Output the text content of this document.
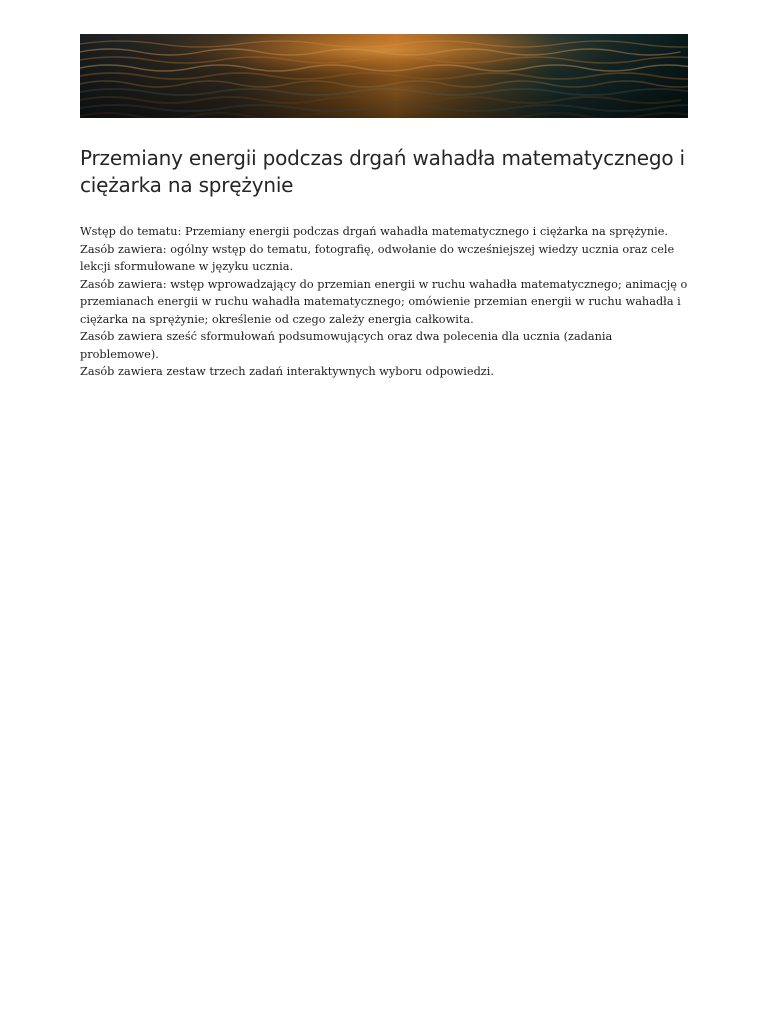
Przemiany energii podczas drgań wahadła matematycznego i ciężarka na sprężynie

Wstęp do tematu: Przemiany energii podczas drgań wahadła matematycznego i ciężarka na sprężynie.

Zasób zawiera: ogólny wstęp do tematu, fotografię, odwołanie do wcześniejszej wiedzy ucznia oraz cele lekcji sformułowane w języku ucznia.

Zasób zawiera: wstęp wprowadzający do przemian energii w ruchu wahadła matematycznego; animację o przemianach energii w ruchu wahadła matematycznego; omówienie przemian energii w ruchu wahadła i ciężarka na sprężynie; określenie od czego zależy energia całkowita.

Zasób zawiera sześć sformułowań podsumowujących oraz dwa polecenia dla ucznia (zadania problemowe).

Zasób zawiera zestaw trzech zadań interaktywnych wyboru odpowiedzi.
